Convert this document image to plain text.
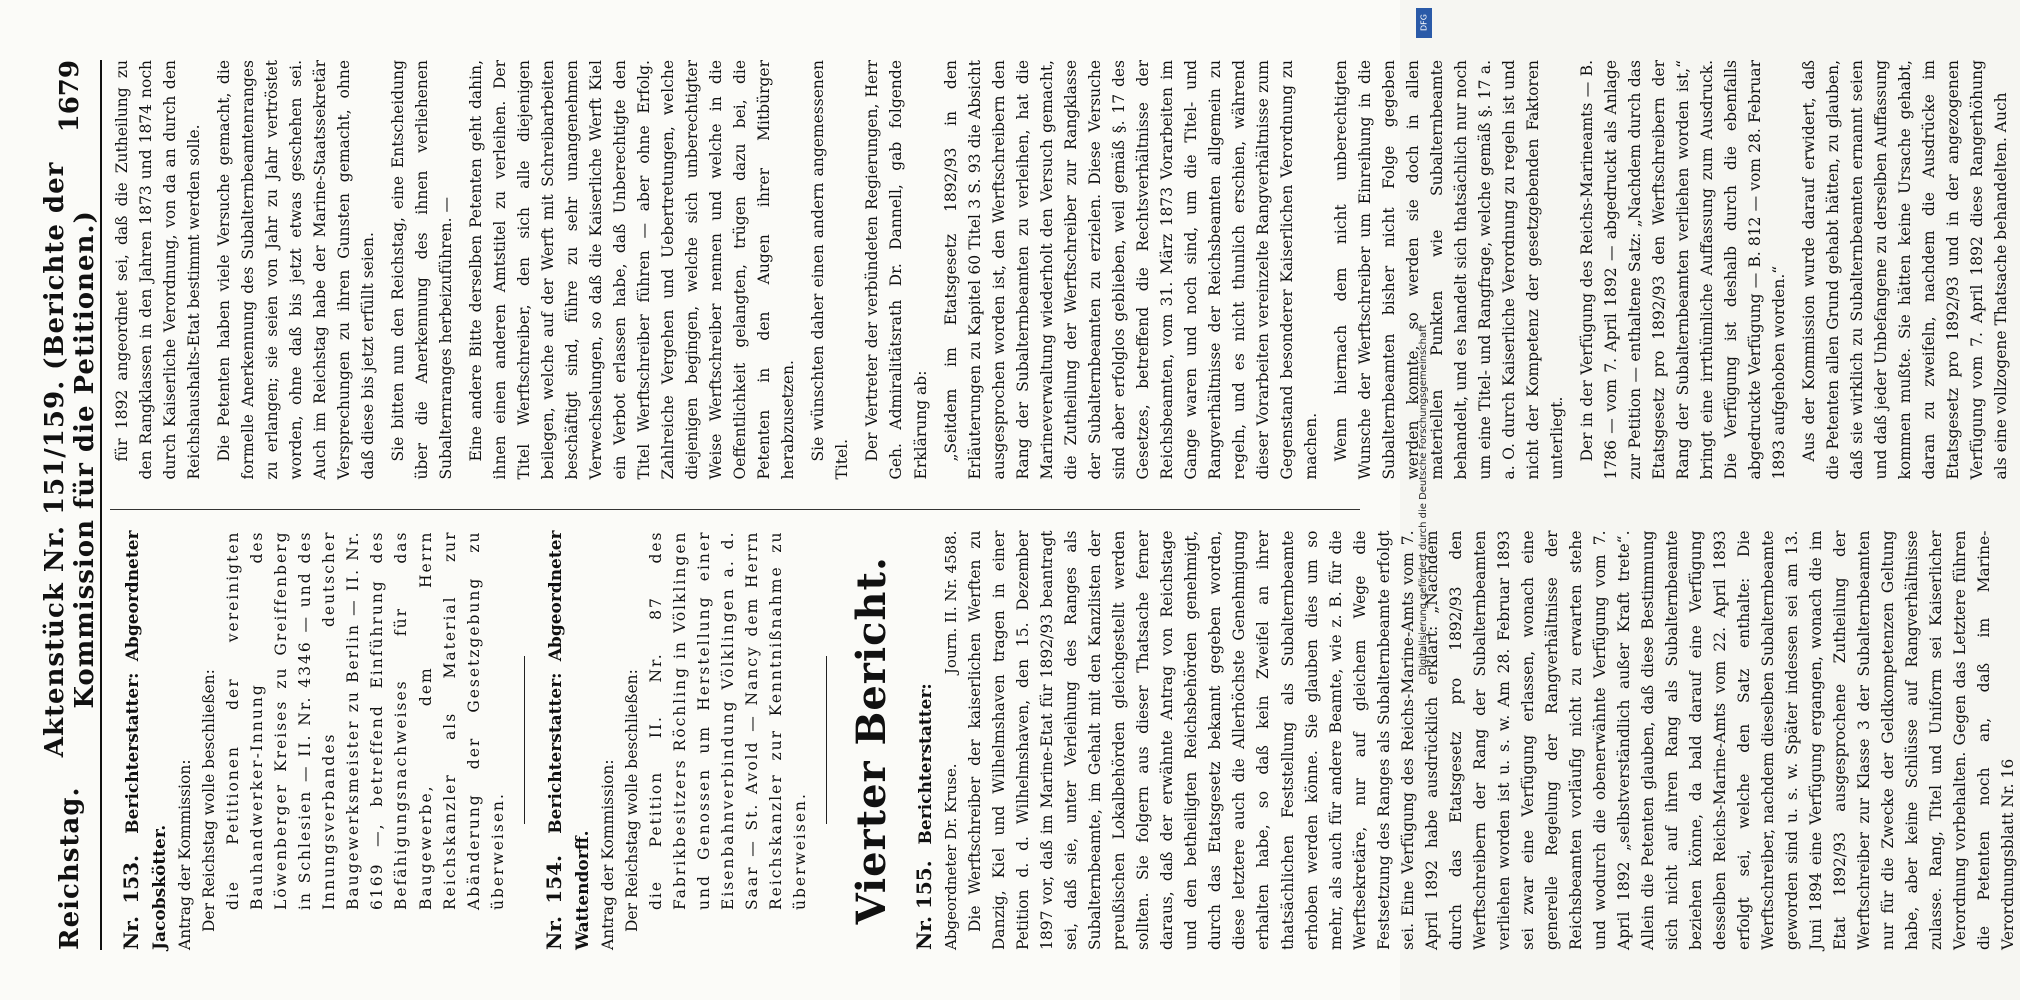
Reichstag.
Aktenstück Nr. 151/159. (Berichte der Kommission für die Petitionen.)
1679
Nr. 153. Berichterstatter: Abgeordneter Jacobskötter. Antrag der Kommission: Der Reichstag wolle beschließen: die Petitionen der vereinigten Bauhandwerker-Innung des Löwenberger Kreises zu Greiffenberg in Schlesien — II. Nr. 4346 — und des Innungsverbandes deutscher Baugewerksmeister zu Berlin — II. Nr. 6169 —, betreffend Einführung des Befähigungsnachweises für das Baugewerbe, dem Herrn Reichskanzler als Material zur Abänderung der Gesetzgebung zu überweisen. Nr. 154. Berichterstatter: Abgeordneter Wattendorff. Antrag der Kommission: Der Reichstag wolle beschließen: die Petition II. Nr. 87 des Fabrikbesitzers Röchling in Völklingen und Genossen um Herstellung einer Eisenbahnverbindung Völklingen a. d. Saar — St. Avold — Nancy dem Herrn Reichskanzler zur Kenntnißnahme zu überweisen. Vierter Bericht. Nr. 155. Berichterstatter: Abgeordneter Dr. Kruse.
Journ. II. Nr. 4588. Die Werftschreiber der kaiserlichen Werften zu Danzig, Kiel und Wilhelmshaven tragen in einer Petition d. d. Wilhelmshaven, den 15. Dezember 1897 vor, daß im Marine-Etat für 1892/93 beantragt sei, daß sie, unter Verleihung des Ranges als Subalternbeamte, im Gehalt mit den Kanzlisten der preußischen Lokalbehörden gleichgestellt werden sollten. Sie folgern aus dieser Thatsache ferner daraus, daß der erwähnte Antrag von Reichstage und den betheiligten Reichsbehörden genehmigt, durch das Etatsgesetz bekannt gegeben worden, diese letztere auch die Allerhöchste Genehmigung erhalten habe, so daß kein Zweifel an ihrer thatsächlichen Feststellung als Subalternbeamte erhoben werden könne. Sie glauben dies um so mehr, als auch für andere Beamte, wie z. B. für die Werftsekretäre, nur auf gleichem Wege die Festsetzung des Ranges als Subalternbeamte erfolgt sei. Eine Verfügung des Reichs-Marine-Amts vom 7. April 1892 habe ausdrücklich erklärt: „Nachdem durch das Etatsgesetz pro 1892/93 den Werftschreibern der Rang der Subalternbeamten verliehen worden ist u. s. w. Am 28. Februar 1893 sei zwar eine Verfügung erlassen, wonach eine generelle Regelung der Rangverhältnisse der Reichsbeamten vorläufig nicht zu erwarten stehe und wodurch die obenerwähnte Verfügung vom 7. April 1892 „selbstverständlich außer Kraft trete“. Allein die Petenten glauben, daß diese Bestimmung sich nicht auf ihren Rang als Subalternbeamte beziehen könne, da bald darauf eine Verfügung desselben Reichs-Marine-Amts vom 22. April 1893 erfolgt sei, welche den Satz enthalte: Die Werftschreiber, nachdem dieselben Subalternbeamte geworden sind u. s. w. Später indessen sei am 13. Juni 1894 eine Verfügung ergangen, wonach die im Etat 1892/93 ausgesprochene Zutheilung der Werftschreiber zur Klasse 3 der Subalternbeamten nur für die Zwecke der Geldkompetenzen Geltung habe, aber keine Schlüsse auf Rangverhältnisse zulasse. Rang, Titel und Uniform sei Kaiserlicher Verordnung vorbehalten. Gegen das Letztere führen die Petenten noch an, daß im Marine-Verordnungsblatt Nr. 16

für 1892 angeordnet sei, daß die Zutheilung zu den Rangklassen in den Jahren 1873 und 1874 noch durch Kaiserliche Verordnung, von da an durch den Reichshaushalts-Etat bestimmt werden solle. Die Petenten haben viele Versuche gemacht, die formelle Anerkennung des Subalternbeamtenranges zu erlangen; sie seien von Jahr zu Jahr vertröstet worden, ohne daß bis jetzt etwas geschehen sei. Auch im Reichstag habe der Marine-Staatssekretär Versprechungen zu ihren Gunsten gemacht, ohne daß diese bis jetzt erfüllt seien. Sie bitten nun den Reichstag, eine Entscheidung über die Anerkennung des ihnen verliehenen Subalternranges herbeizuführen. — Eine andere Bitte derselben Petenten geht dahin, ihnen einen anderen Amtstitel zu verleihen. Der Titel Werftschreiber, den sich alle diejenigen beilegen, welche auf der Werft mit Schreibarbeiten beschäftigt sind, führe zu sehr unangenehmen Verwechselungen, so daß die Kaiserliche Werft Kiel ein Verbot erlassen habe, daß Unberechtigte den Titel Werftschreiber führen — aber ohne Erfolg. Zahlreiche Vergehen und Uebertretungen, welche diejenigen begingen, welche sich unberechtigter Weise Werftschreiber nennen und welche in die Oeffentlichkeit gelangten, trügen dazu bei, die Petenten in den Augen ihrer Mitbürger herabzusetzen. Sie wünschten daher einen andern angemessenen Titel. Der Vertreter der verbündeten Regierungen, Herr Geh. Admiralitätsrath Dr. Dannell, gab folgende Erklärung ab: „Seitdem im Etatsgesetz 1892/93 in den Erläuterungen zu Kapitel 60 Titel 3 S. 93 die Absicht ausgesprochen worden ist, den Werftschreibern den Rang der Subalternbeamten zu verleihen, hat die Marineverwaltung wiederholt den Versuch gemacht, die Zutheilung der Werftschreiber zur Rangklasse der Subalternbeamten zu erzielen. Diese Versuche sind aber erfolglos geblieben, weil gemäß §. 17 des Gesetzes, betreffend die Rechtsverhältnisse der Reichsbeamten, vom 31. März 1873 Vorarbeiten im Gange waren und noch sind, um die Titel- und Rangverhältnisse der Reichsbeamten allgemein zu regeln, und es nicht thunlich erschien, während dieser Vorarbeiten vereinzelte Rangverhältnisse zum Gegenstand besonderer Kaiserlichen Verordnung zu machen. Wenn hiernach dem nicht unberechtigten Wunsche der Werftschreiber um Einreihung in die Subalternbeamten bisher nicht Folge gegeben werden konnte, so werden sie doch in allen materiellen Punkten wie Subalternbeamte behandelt, und es handelt sich thatsächlich nur noch um eine Titel- und Rangfrage, welche gemäß §. 17 a. a. O. durch Kaiserliche Verordnung zu regeln ist und nicht der Kompetenz der gesetzgebenden Faktoren unterliegt. Der in der Verfügung des Reichs-Marineamts — B. 1786 — vom 7. April 1892 — abgedruckt als Anlage zur Petition — enthaltene Satz: „Nachdem durch das Etatsgesetz pro 1892/93 den Werftschreibern der Rang der Subalternbeamten verliehen worden ist,“ bringt eine irrthümliche Auffassung zum Ausdruck. Die Verfügung ist deshalb durch die ebenfalls abgedruckte Verfügung — B. 812 — vom 28. Februar 1893 aufgehoben worden.“ Aus der Kommission wurde darauf erwidert, daß die Petenten allen Grund gehabt hätten, zu glauben, daß sie wirklich zu Subalternbeamten ernannt seien und daß jeder Unbefangene zu derselben Auffassung kommen mußte. Sie hätten keine Ursache gehabt, daran zu zweifeln, nachdem die Ausdrücke im Etatsgesetz pro 1892/93 und in der angezogenen Verfügung vom 7. April 1892 diese Rangerhöhung als eine vollzogene Thatsache behandelten. Auch

DFG
Digitalisierung gefördert durch die Deutsche Forschungsgemeinschaft
